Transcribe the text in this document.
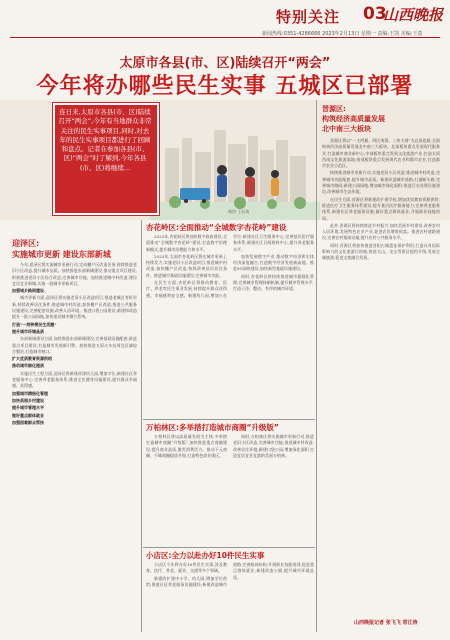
特别关注 03
山西晚报
新闻热线:0351-4286666 2023年2月13日 星期一 责编:王凯 美编:王荔
太原市各县(市、区)陆续召开“两会”
今年将办哪些民生实事 五城区已部署
制图 王驭琦
连日来,太原市各县(市、区)陆续召开“两会”,今年有当地群众非常关注的民生实事项目,同时,对去年的民生实事项目都进行了回顾和盘点。记者在参加各县(市、区)“两会”时了解到,今年各县(市、区)将继续...
迎泽区:
实施城市更新 建设东部新城

今年,迎泽区将实施城市更新行动,完成棚户区改造任务,持续推进老旧小区改造,提升城市品质。加快推进东部新城建设,推动重点项目建设,积极推进老旧小区综合改造,完善城市功能。加快推进城中村改造,建设宜居宜业新城,实施一批城市更新项目。

加强城乡路网建设

城市更新方面,迎泽区将实施老旧小区改造项目,推进老城区有机更新,持续改善居住条件,推进城中村改造,加快棚户区改造,推进公共服务设施建设,完善配套设施,改善人居环境。推进口袋公园建设,新建和改造提升一批公园绿地,加快建设城市慢行系统。

打造“一刻钟便民生活圈”

提升城市环境品质

东部新城建设方面,加快推进东部新城建设,完善基础设施配套,推进重点项目建设,打造城市发展新引擎。持续推进太原火车站周边区域综合整治,打造城市窗口。

扩大优质教育资源供给

推动城市绿化提质

实施民生工程方面,迎泽区将新建改建幼儿园,增加学位;新建社区养老服务中心,完善养老服务体系;推进全民健身设施建设,提升群众幸福感、获得感。

加强城市精细化管理

加快美丽乡村建设

提升城市管理水平

做好重点群体就业

加强困难群众帮扶

杏花岭区:全面推动“全城数字杏花岭”建设

2023年,杏花岭区将加快数字政府建设,全面推动“全城数字杏花岭”建设,打造数字治理新模式,提升城市治理能力和水平。

2023年,太原市杏花岭区将在城市更新上持续发力,实施老旧小区改造项目,推进城中村改造,加快棚户区改造,持续改善居民居住条件。推进城市基础设施建设,完善城市功能。

在民生方面,杏花岭区将推动教育、医疗、养老等民生事业发展,持续提升群众获得感、幸福感和安全感。新建幼儿园,增加公办学位;新建社区卫生服务中心,完善基层医疗服务体系;新建社区日间照料中心,提升养老服务水平。

加快发展数字产业,推动数字经济和实体经济深度融合,打造数字经济发展新高地。推进5G网络建设,加快新型基础设施建设。

同时,杏花岭区将持续推进城市精细化管理,完善城市管理体制机制,提升城市管理水平,打造干净、整洁、有序的城市环境。

万柏林区:多举措打造城市商圈“升级版”

万柏林区将以高质量发展为主线,多举措打造城市商圈“升级版”,加快推进重点商圈建设,提升商业品质,激发消费活力。推动下元商圈、千峰商圈提质升级,打造特色商业街区。

同时,万柏林区将实施城市更新行动,推进老旧小区改造,完善城市功能;推进城中村改造,改善居住环境;新建口袋公园,增加绿化面积,打造宜居宜业宜游的美丽万柏林。

小店区:全力以赴办好10件民生实事

小店区今年将办好10件民生实事,涉及教育、医疗、养老、就业、交通等多个领域。

新建改扩建中小学、幼儿园,增加学位供给;推进社区养老服务设施建设;新建改造城市道路,完善路网结构;开展职业技能培训,促进重点群体就业;新建改造公厕,提升城市环境品质。

晋源区:
构筑经济高质量发展
北中南三大板块

晋源区将以“一主两翼、两区统筹、三块支撑”为总体思路,全面构筑经济高质量发展北中南三大板块。北部板块重点发展现代服务业,打造城市商业新中心;中部板块重点发展文化旅游产业,打造太原西南文化旅游高地;南部板块重点发展现代农业和都市农业,打造都市农业示范区。

持续推进城市更新行动,实施老旧小区改造,推进城中村改造,完善城市功能配套,提升城市品质。新建改造城市道路,打通断头路,完善城市路网;新建公园绿地,增加城市绿化面积;推进污水处理设施建设,改善城市生态环境。

在民生方面,晋源区将新建改扩建学校,增加优质教育资源供给;推进医疗卫生服务体系建设,提升基层医疗服务能力;完善养老服务体系,新建社区养老服务设施;做好重点群体就业,开展职业技能培训。

此外,晋源区将持续推进乡村振兴,加快美丽乡村建设,改善农村人居环境,发展特色农业产业,促进农民增收致富。推进农村道路建设,完善农村基础设施,提升农村公共服务水平。

同时,晋源区将加快推进晋阳古城遗址保护利用,打造具有国际影响力的文化旅游目的地;推进太山、龙山等景区提档升级,发展全域旅游,促进文旅融合发展。

山西晚报记者 张飞飞 常江涛
